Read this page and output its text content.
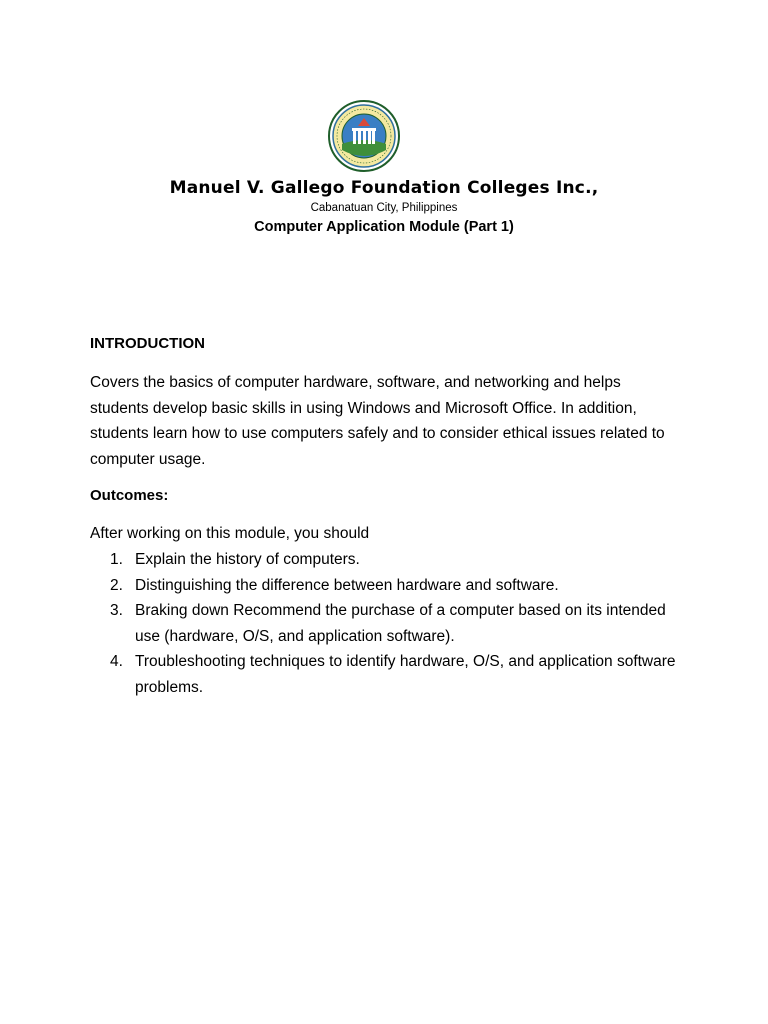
Manuel V. Gallego Foundation Colleges Inc.,
Cabanatuan City, Philippines
Computer Application Module (Part 1)
INTRODUCTION

Covers the basics of computer hardware, software, and networking and helps students develop basic skills in using Windows and Microsoft Office. In addition, students learn how to use computers safely and to consider ethical issues related to computer usage.

Outcomes:

After working on this module, you should

1. Explain the history of computers.
2. Distinguishing the difference between hardware and software.
3. Braking down Recommend the purchase of a computer based on its intended use (hardware, O/S, and application software).
4. Troubleshooting techniques to identify hardware, O/S, and application software problems.
